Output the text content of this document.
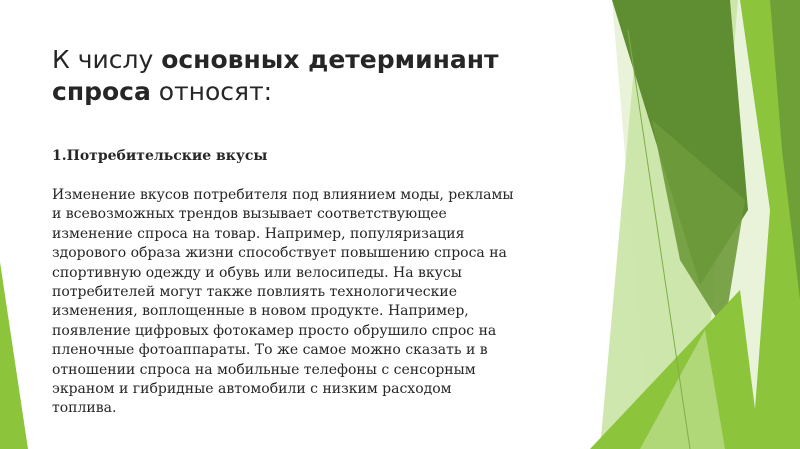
К числу основных детерминант
спроса относят:

1.Потребительские вкусы

Изменение вкусов потребителя под влиянием моды, рекламы
и всевозможных трендов вызывает соответствующее
изменение спроса на товар. Например, популяризация
здорового образа жизни способствует повышению спроса на
спортивную одежду и обувь или велосипеды. На вкусы
потребителей могут также повлиять технологические
изменения, воплощенные в новом продукте. Например,
появление цифровых фотокамер просто обрушило спрос на
пленочные фотоаппараты. То же самое можно сказать и в
отношении спроса на мобильные телефоны с сенсорным
экраном и гибридные автомобили с низким расходом
топлива.
